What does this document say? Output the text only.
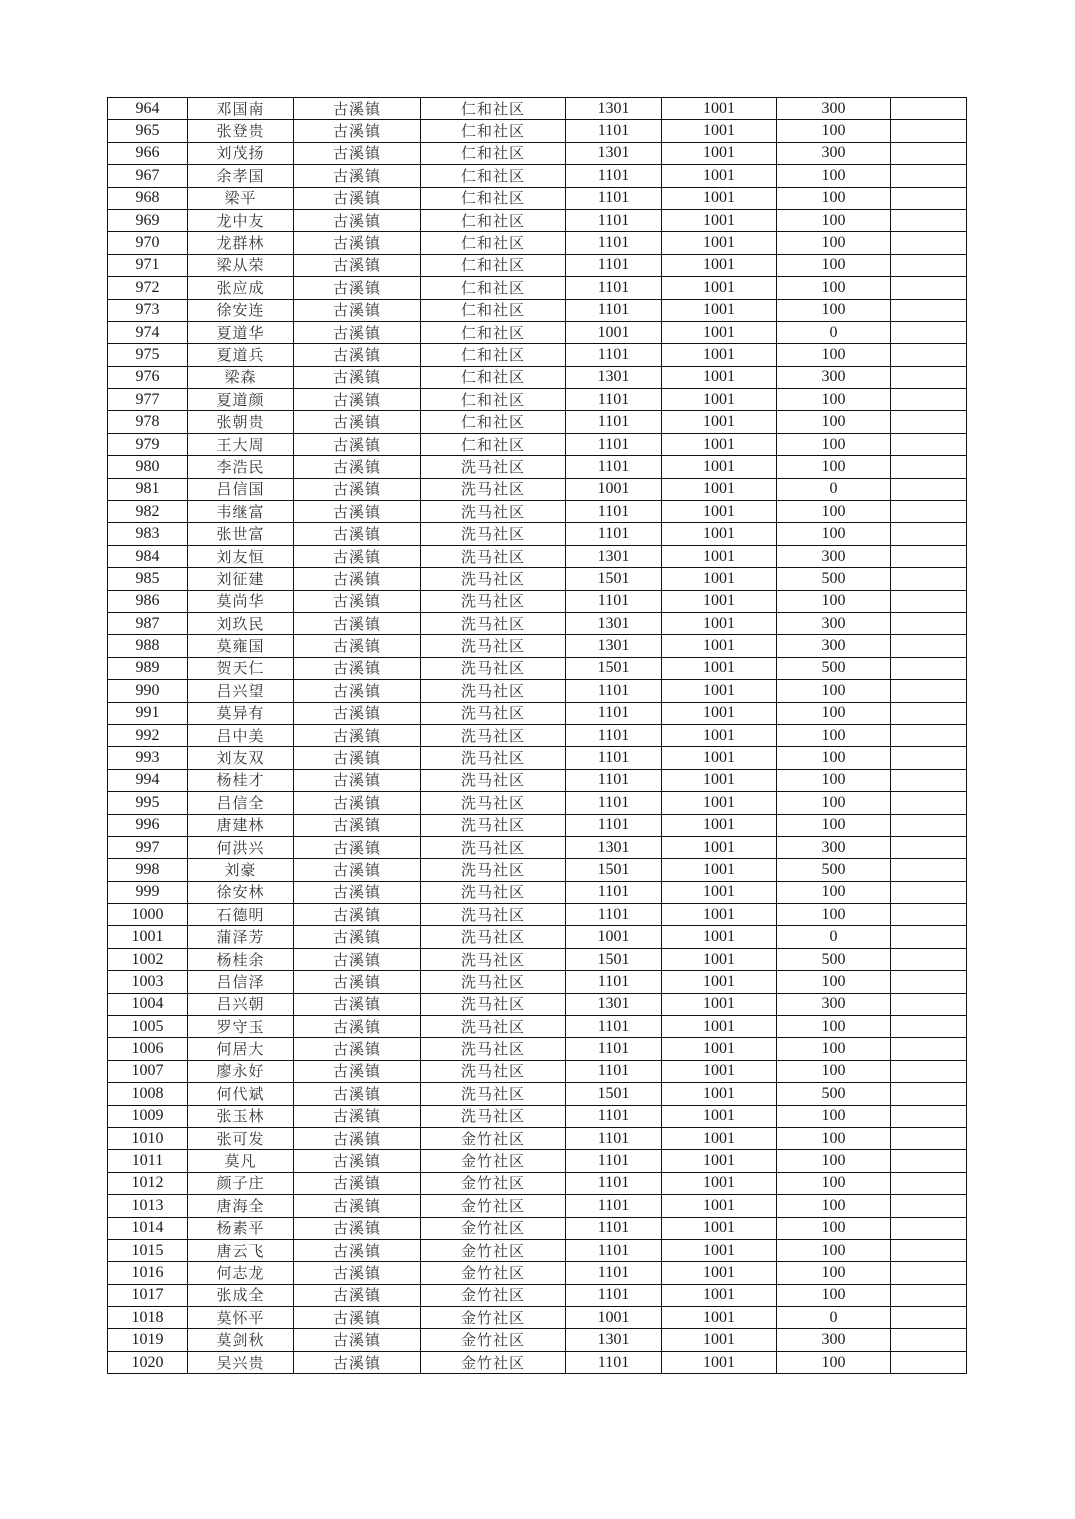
964	邓国南	古溪镇	仁和社区	1301	1001	300	
965	张登贵	古溪镇	仁和社区	1101	1001	100	
966	刘茂扬	古溪镇	仁和社区	1301	1001	300	
967	余孝国	古溪镇	仁和社区	1101	1001	100	
968	梁平	古溪镇	仁和社区	1101	1001	100	
969	龙中友	古溪镇	仁和社区	1101	1001	100	
970	龙群林	古溪镇	仁和社区	1101	1001	100	
971	梁从荣	古溪镇	仁和社区	1101	1001	100	
972	张应成	古溪镇	仁和社区	1101	1001	100	
973	徐安连	古溪镇	仁和社区	1101	1001	100	
974	夏道华	古溪镇	仁和社区	1001	1001	0	
975	夏道兵	古溪镇	仁和社区	1101	1001	100	
976	梁森	古溪镇	仁和社区	1301	1001	300	
977	夏道颜	古溪镇	仁和社区	1101	1001	100	
978	张朝贵	古溪镇	仁和社区	1101	1001	100	
979	王大周	古溪镇	仁和社区	1101	1001	100	
980	李浩民	古溪镇	洗马社区	1101	1001	100	
981	吕信国	古溪镇	洗马社区	1001	1001	0	
982	韦继富	古溪镇	洗马社区	1101	1001	100	
983	张世富	古溪镇	洗马社区	1101	1001	100	
984	刘友恒	古溪镇	洗马社区	1301	1001	300	
985	刘征建	古溪镇	洗马社区	1501	1001	500	
986	莫尚华	古溪镇	洗马社区	1101	1001	100	
987	刘玖民	古溪镇	洗马社区	1301	1001	300	
988	莫雍国	古溪镇	洗马社区	1301	1001	300	
989	贺天仁	古溪镇	洗马社区	1501	1001	500	
990	吕兴望	古溪镇	洗马社区	1101	1001	100	
991	莫异有	古溪镇	洗马社区	1101	1001	100	
992	吕中美	古溪镇	洗马社区	1101	1001	100	
993	刘友双	古溪镇	洗马社区	1101	1001	100	
994	杨桂才	古溪镇	洗马社区	1101	1001	100	
995	吕信全	古溪镇	洗马社区	1101	1001	100	
996	唐建林	古溪镇	洗马社区	1101	1001	100	
997	何洪兴	古溪镇	洗马社区	1301	1001	300	
998	刘豪	古溪镇	洗马社区	1501	1001	500	
999	徐安林	古溪镇	洗马社区	1101	1001	100	
1000	石德明	古溪镇	洗马社区	1101	1001	100	
1001	蒲泽芳	古溪镇	洗马社区	1001	1001	0	
1002	杨桂余	古溪镇	洗马社区	1501	1001	500	
1003	吕信泽	古溪镇	洗马社区	1101	1001	100	
1004	吕兴朝	古溪镇	洗马社区	1301	1001	300	
1005	罗守玉	古溪镇	洗马社区	1101	1001	100	
1006	何居大	古溪镇	洗马社区	1101	1001	100	
1007	廖永好	古溪镇	洗马社区	1101	1001	100	
1008	何代斌	古溪镇	洗马社区	1501	1001	500	
1009	张玉林	古溪镇	洗马社区	1101	1001	100	
1010	张可发	古溪镇	金竹社区	1101	1001	100	
1011	莫凡	古溪镇	金竹社区	1101	1001	100	
1012	颜子庄	古溪镇	金竹社区	1101	1001	100	
1013	唐海全	古溪镇	金竹社区	1101	1001	100	
1014	杨素平	古溪镇	金竹社区	1101	1001	100	
1015	唐云飞	古溪镇	金竹社区	1101	1001	100	
1016	何志龙	古溪镇	金竹社区	1101	1001	100	
1017	张成全	古溪镇	金竹社区	1101	1001	100	
1018	莫怀平	古溪镇	金竹社区	1001	1001	0	
1019	莫剑秋	古溪镇	金竹社区	1301	1001	300	
1020	吴兴贵	古溪镇	金竹社区	1101	1001	100	
